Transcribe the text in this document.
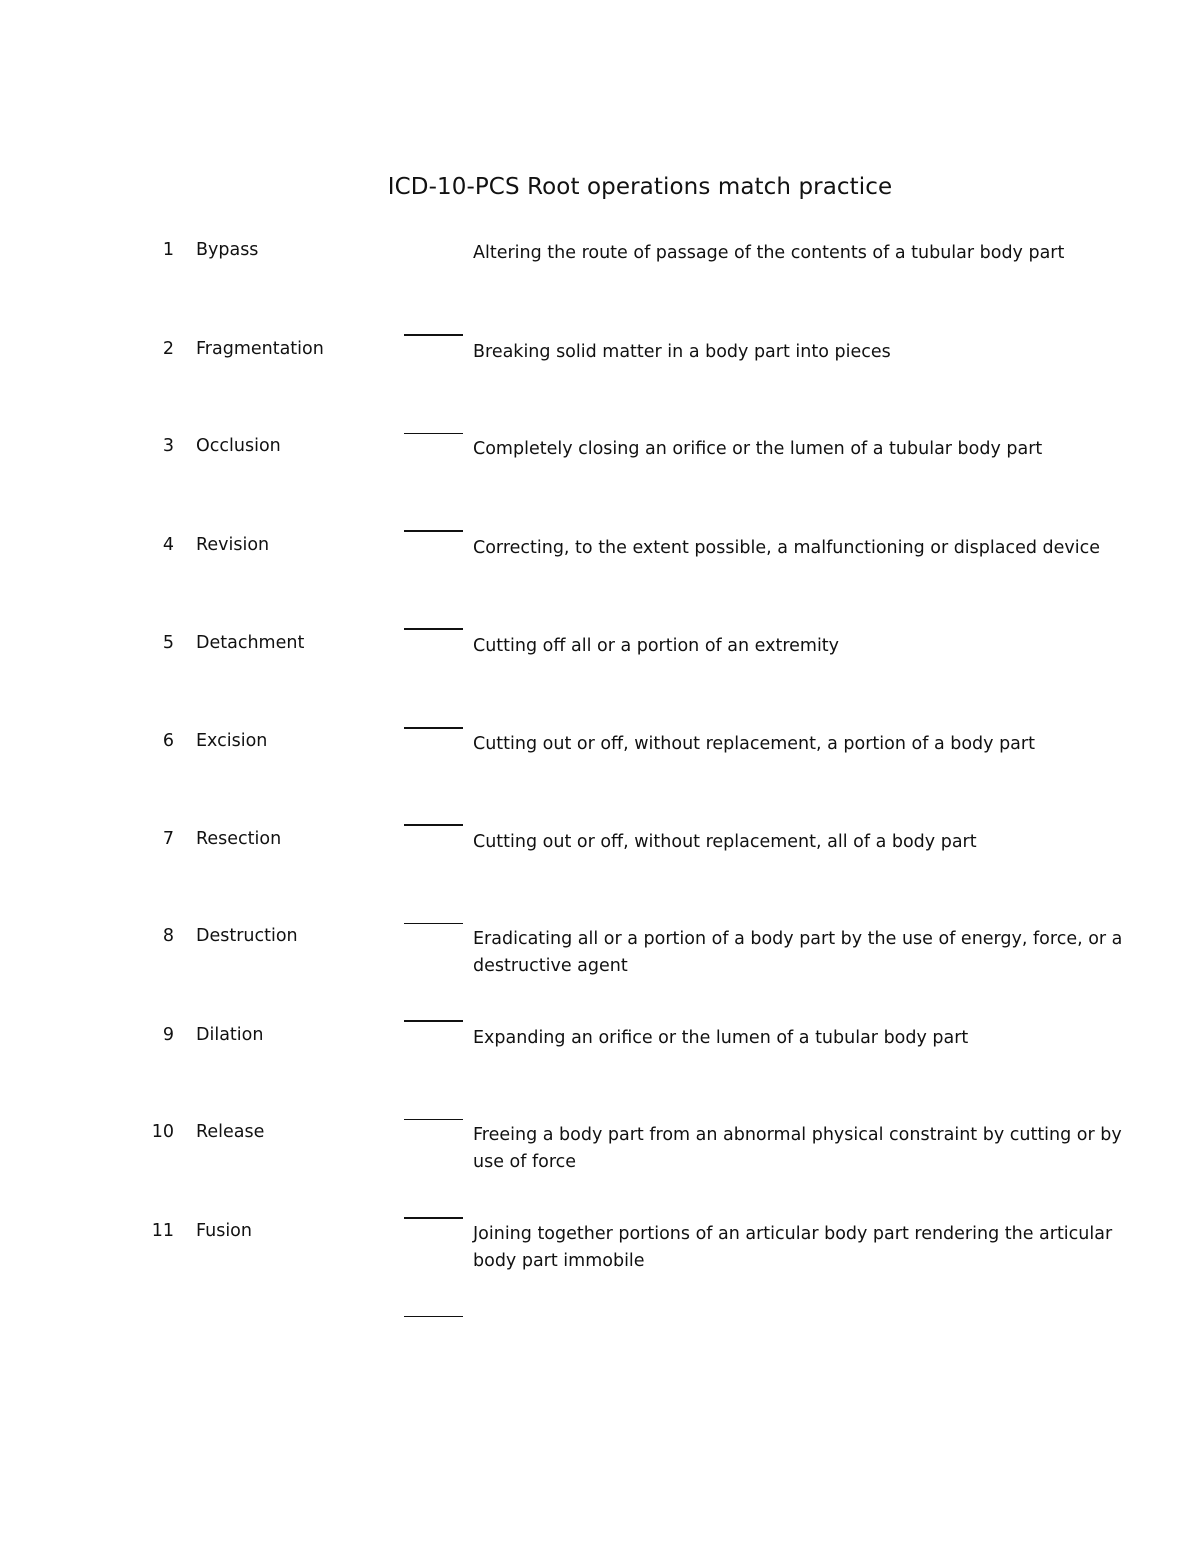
ICD-10-PCS Root operations match practice
1 Bypass	Altering the route of passage of the contents of a tubular body part
2 Fragmentation	Breaking solid matter in a body part into pieces
3 Occlusion	Completely closing an orifice or the lumen of a tubular body part
4 Revision	Correcting, to the extent possible, a malfunctioning or displaced device
5 Detachment	Cutting off all or a portion of an extremity
6 Excision	Cutting out or off, without replacement, a portion of a body part
7 Resection	Cutting out or off, without replacement, all of a body part
8 Destruction	Eradicating all or a portion of a body part by the use of energy, force, or a destructive agent
9 Dilation	Expanding an orifice or the lumen of a tubular body part
10 Release	Freeing a body part from an abnormal physical constraint by cutting or by use of force
11 Fusion	Joining together portions of an articular body part rendering the articular body part immobile
